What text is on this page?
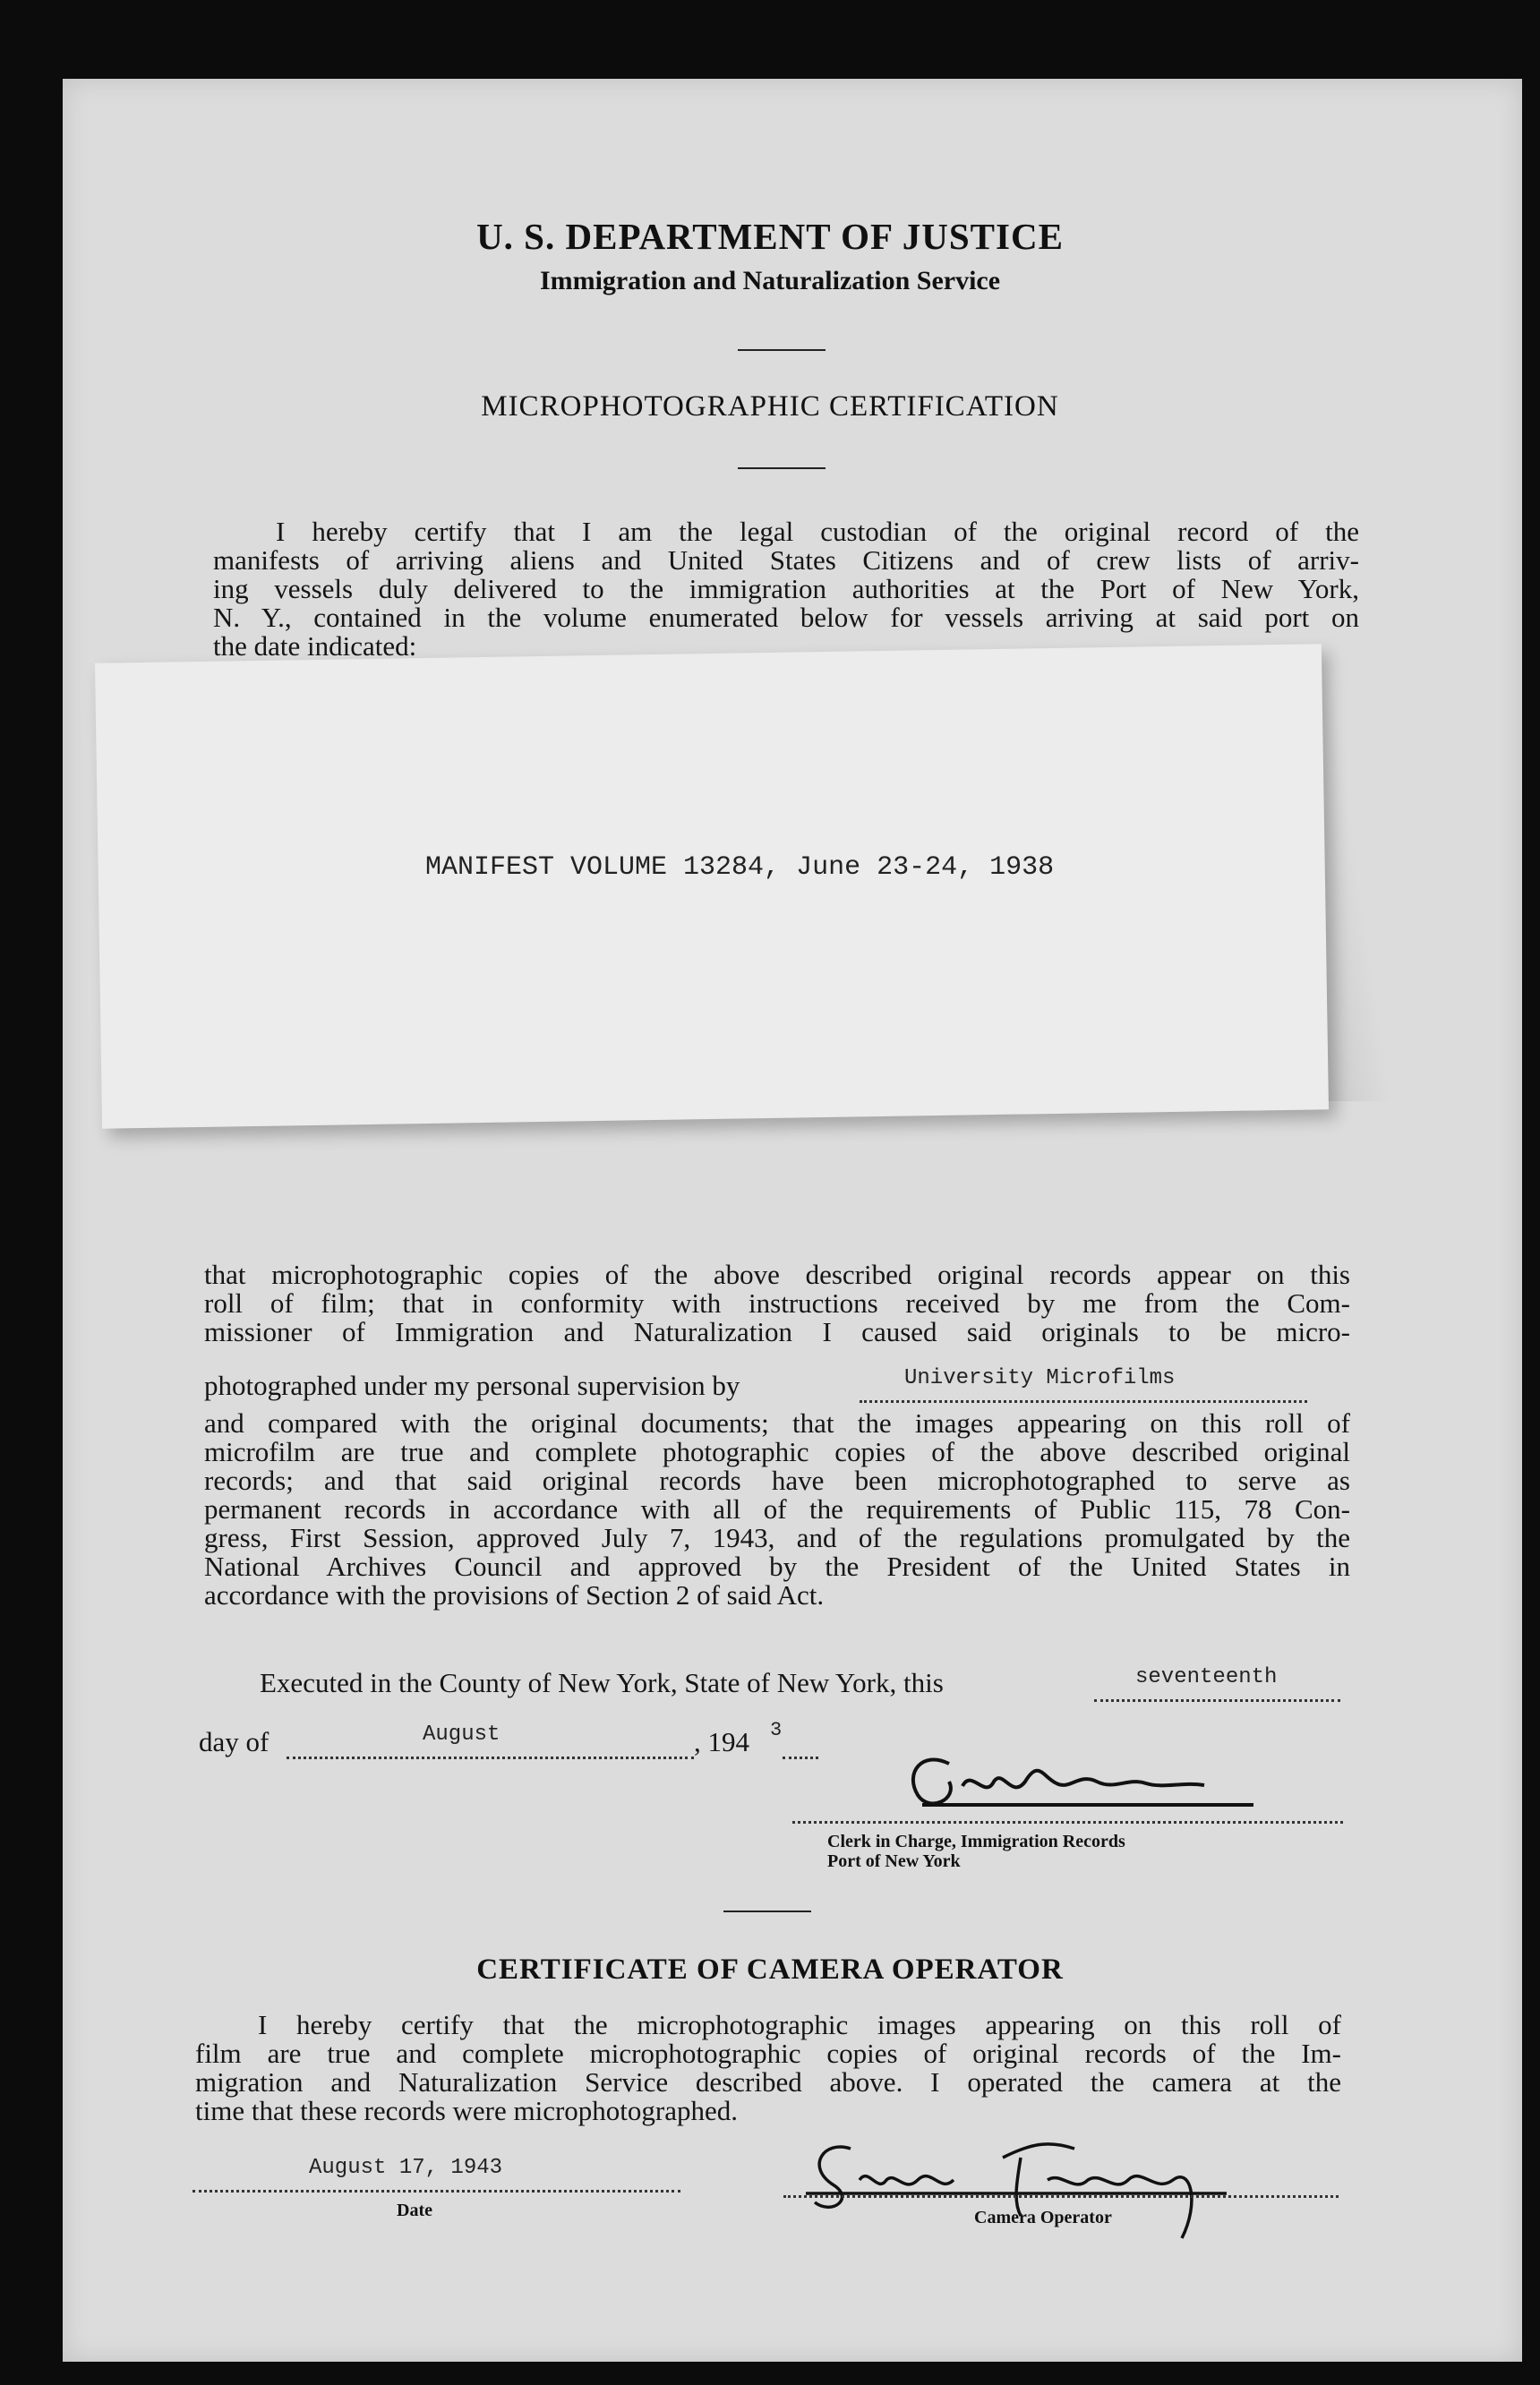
U. S. DEPARTMENT OF JUSTICE
Immigration and Naturalization Service
MICROPHOTOGRAPHIC CERTIFICATION
I hereby certify that I am the legal custodian of the original record of the
manifests of arriving aliens and United States Citizens and of crew lists of arriv-
ing vessels duly delivered to the immigration authorities at the Port of New York,
N. Y., contained in the volume enumerated below for vessels arriving at said port on
the date indicated:
MANIFEST VOLUME 13284, June 23-24, 1938
that microphotographic copies of the above described original records appear on this
roll of film; that in conformity with instructions received by me from the Com-
missioner of Immigration and Naturalization I caused said originals to be micro-
photographed under my personal supervision by	University Microfilms
and compared with the original documents; that the images appearing on this roll of
microfilm are true and complete photographic copies of the above described original
records; and that said original records have been microphotographed to serve as
permanent records in accordance with all of the requirements of Public 115, 78 Con-
gress, First Session, approved July 7, 1943, and of the regulations promulgated by the
National Archives Council and approved by the President of the United States in
accordance with the provisions of Section 2 of said Act.
Executed in the County of New York, State of New York, this	seventeenth
day of	August	, 194 3
Clerk in Charge, Immigration Records
Port of New York
CERTIFICATE OF CAMERA OPERATOR
I hereby certify that the microphotographic images appearing on this roll of
film are true and complete microphotographic copies of original records of the Im-
migration and Naturalization Service described above. I operated the camera at the
time that these records were microphotographed.
August 17, 1943
Date	Camera Operator
